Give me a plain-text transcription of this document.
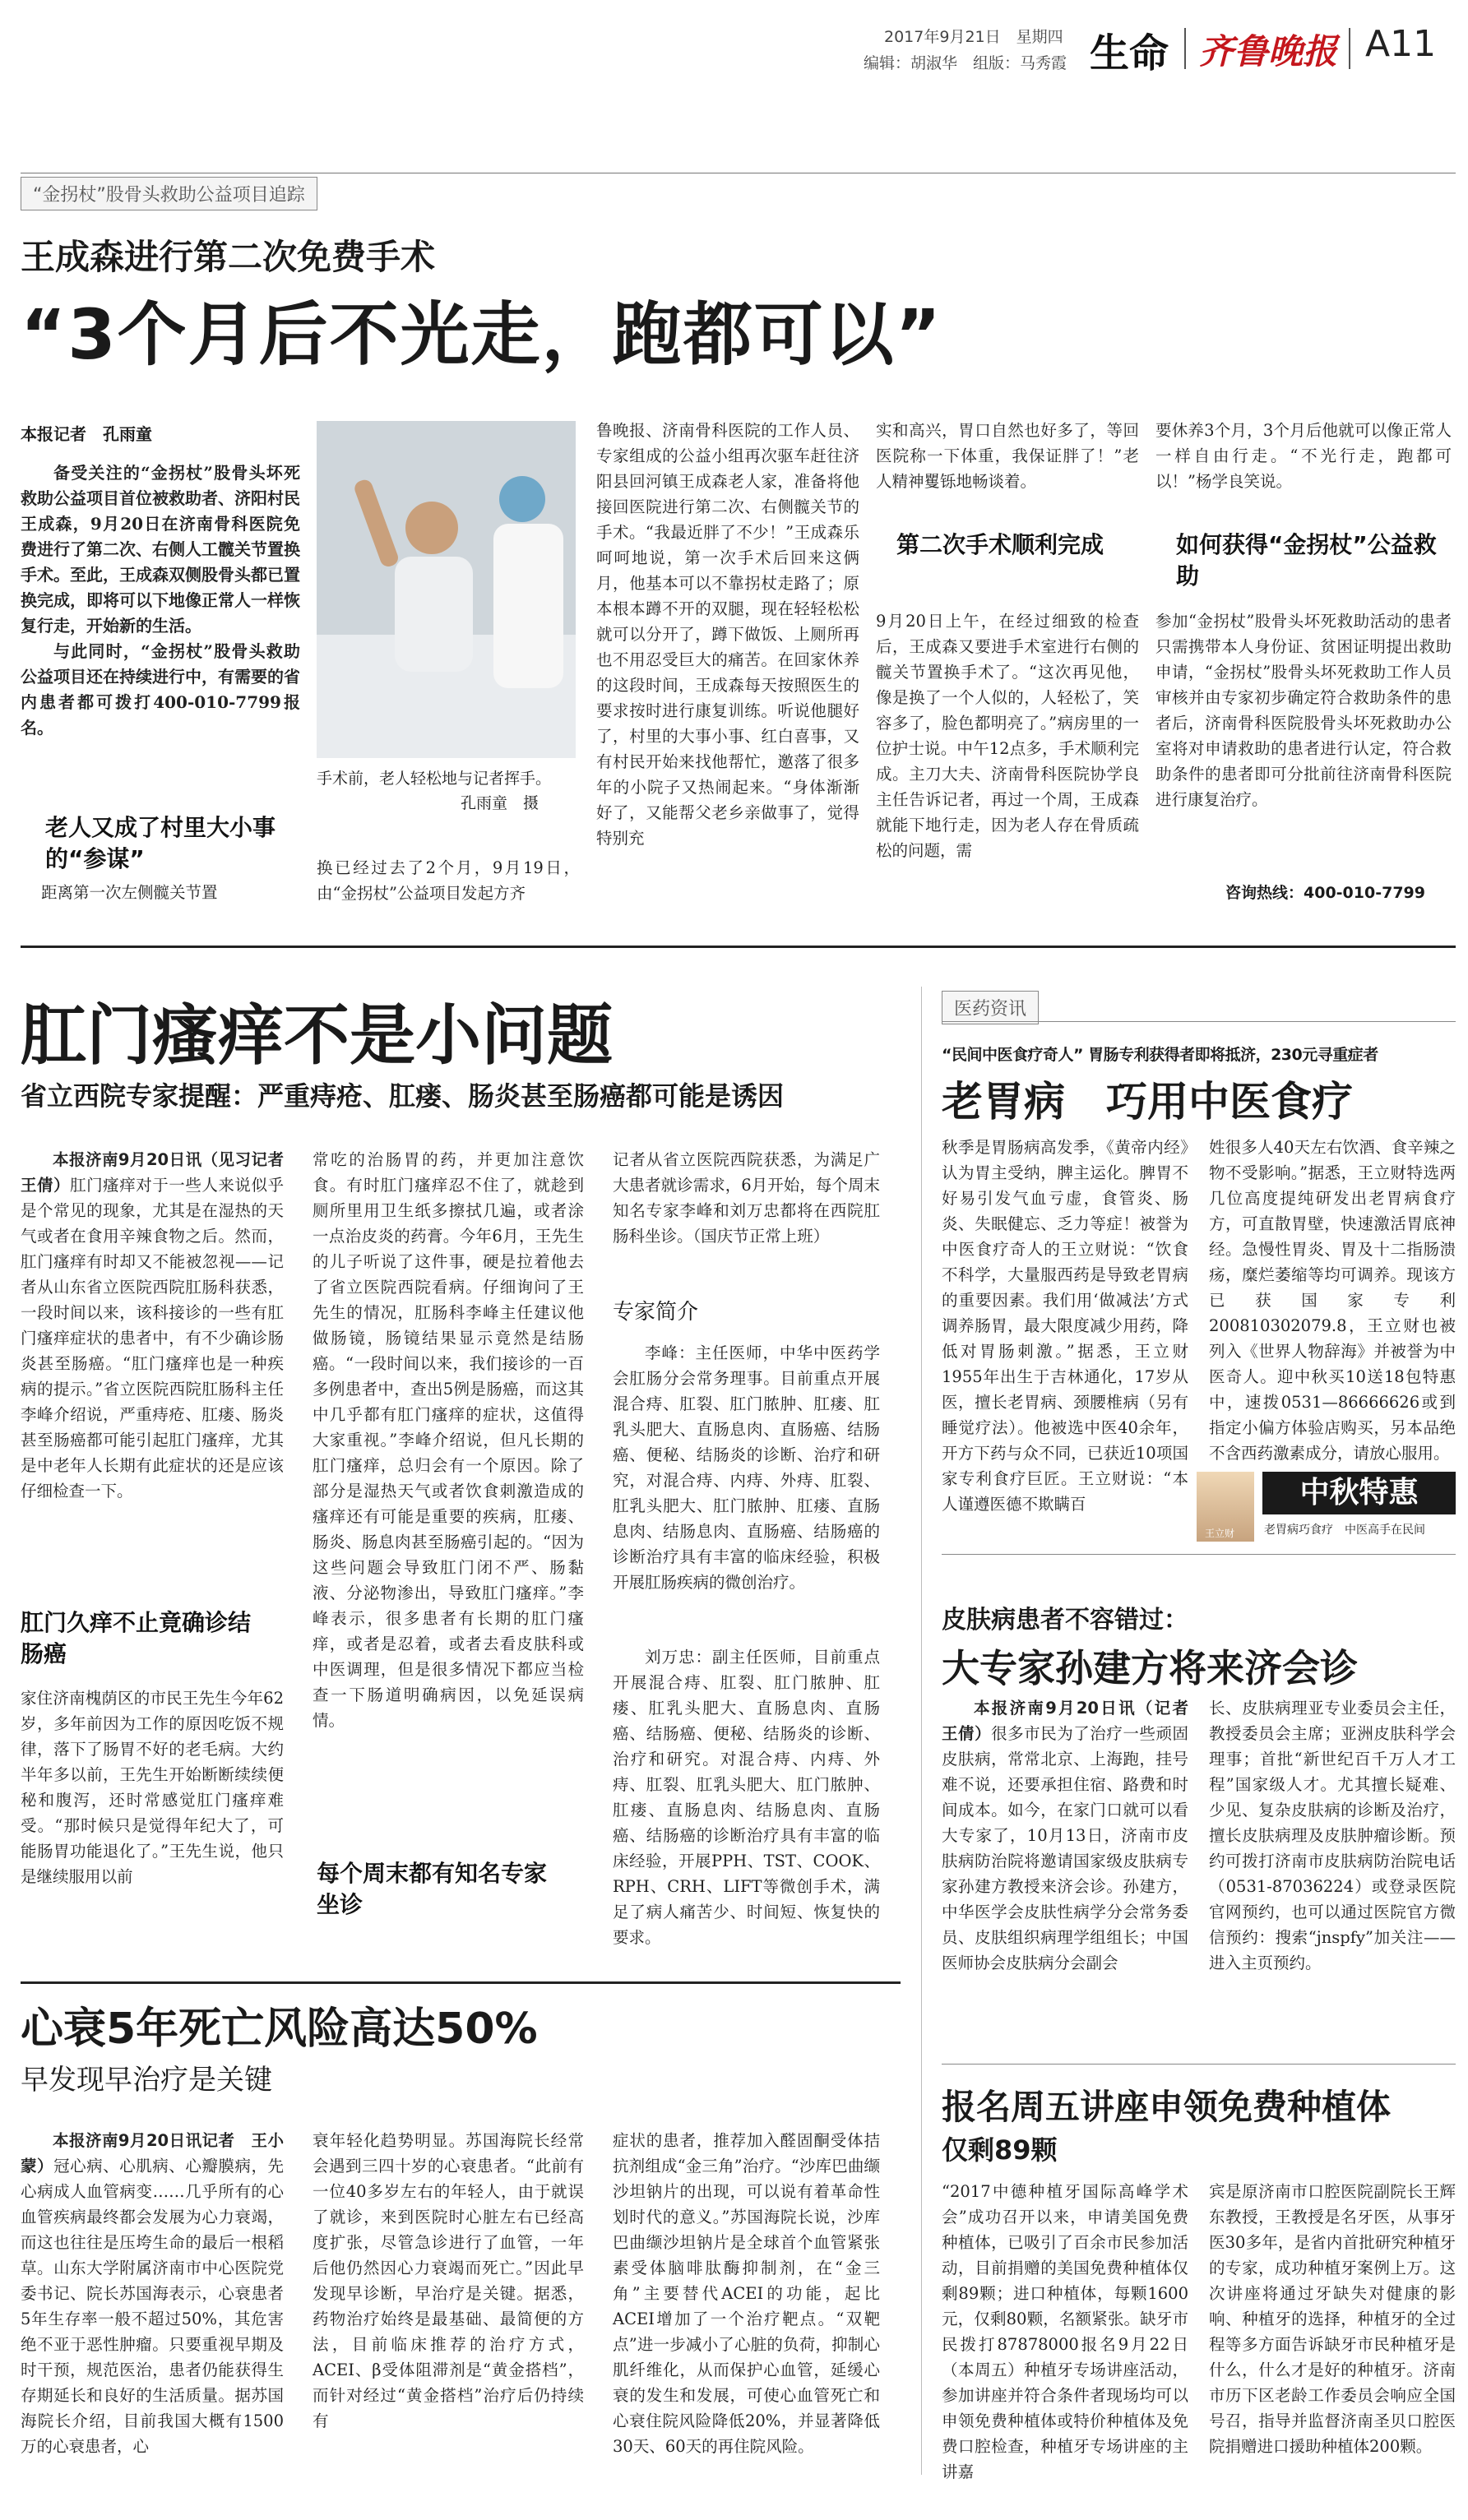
2017年9月21日　星期四
编辑：胡淑华　组版：马秀霞 生命 齐鲁晚报 A11
“金拐杖”股骨头救助公益项目追踪
王成森进行第二次免费手术
“3个月后不光走，跑都可以”
本报记者　孔雨童

备受关注的“金拐杖”股骨头坏死救助公益项目首位被救助者、济阳村民王成森，9月20日在济南骨科医院免费进行了第二次、右侧人工髋关节置换手术。至此，王成森双侧股骨头都已置换完成，即将可以下地像正常人一样恢复行走，开始新的生活。

与此同时，“金拐杖”股骨头救助公益项目还在持续进行中，有需要的省内患者都可拨打400-010-7799报名。

老人又成了村里大小事的“参谋”
距离第一次左侧髋关节置
手术前，老人轻松地与记者挥手。
孔雨童　摄
换已经过去了2个月，9月19日，由“金拐杖”公益项目发起方齐
鲁晚报、济南骨科医院的工作人员、专家组成的公益小组再次驱车赶往济阳县回河镇王成森老人家，准备将他接回医院进行第二次、右侧髋关节的手术。“我最近胖了不少！”王成森乐呵呵地说，第一次手术后回来这俩月，他基本可以不靠拐杖走路了；原本根本蹲不开的双腿，现在轻轻松松就可以分开了，蹲下做饭、上厕所再也不用忍受巨大的痛苦。在回家休养的这段时间，王成森每天按照医生的要求按时进行康复训练。听说他腿好了，村里的大事小事、红白喜事，又有村民开始来找他帮忙，邀落了很多年的小院子又热闹起来。“身体渐渐好了，又能帮父老乡亲做事了，觉得特别充

实和高兴，胃口自然也好多了，等回医院称一下体重，我保证胖了！”老人精神矍铄地畅谈着。

第二次手术顺利完成
9月20日上午，在经过细致的检查后，王成森又要进手术室进行右侧的髋关节置换手术了。“这次再见他，像是换了一个人似的，人轻松了，笑容多了，脸色都明亮了。”病房里的一位护士说。中午12点多，手术顺利完成。主刀大夫、济南骨科医院协学良主任告诉记者，再过一个周，王成森就能下地行走，因为老人存在骨质疏松的问题，需
要休养3个月，3个月后他就可以像正常人一样自由行走。“不光行走，跑都可以！”杨学良笑说。
如何获得“金拐杖”公益救助
参加“金拐杖”股骨头坏死救助活动的患者只需携带本人身份证、贫困证明提出救助申请，“金拐杖”股骨头坏死救助工作人员审核并由专家初步确定符合救助条件的患者后，济南骨科医院股骨头坏死救助办公室将对申请救助的患者进行认定，符合救助条件的患者即可分批前往济南骨科医院进行康复治疗。
咨询热线：400-010-7799
肛门瘙痒不是小问题
省立西院专家提醒：严重痔疮、肛瘘、肠炎甚至肠癌都可能是诱因

本报济南9月20日讯（见习记者　王倩）肛门瘙痒对于一些人来说似乎是个常见的现象，尤其是在湿热的天气或者在食用辛辣食物之后。然而，肛门瘙痒有时却又不能被忽视——记者从山东省立医院西院肛肠科获悉，一段时间以来，该科接诊的一些有肛门瘙痒症状的患者中，有不少确诊肠炎甚至肠癌。“肛门瘙痒也是一种疾病的提示。”省立医院西院肛肠科主任李峰介绍说，严重痔疮、肛瘘、肠炎甚至肠癌都可能引起肛门瘙痒，尤其是中老年人长期有此症状的还是应该仔细检查一下。

肛门久痒不止竟确诊结肠癌
家住济南槐荫区的市民王先生今年62岁，多年前因为工作的原因吃饭不规律，落下了肠胃不好的老毛病。大约半年多以前，王先生开始断断续续便秘和腹泻，还时常感觉肛门瘙痒难受。“那时候只是觉得年纪大了，可能肠胃功能退化了。”王先生说，他只是继续服用以前
常吃的治肠胃的药，并更加注意饮食。有时肛门瘙痒忍不住了，就趁到厕所里用卫生纸多擦拭几遍，或者涂一点治皮炎的药膏。今年6月，王先生的儿子听说了这件事，硬是拉着他去了省立医院西院看病。仔细询问了王先生的情况，肛肠科李峰主任建议他做肠镜，肠镜结果显示竟然是结肠癌。“一段时间以来，我们接诊的一百多例患者中，查出5例是肠癌，而这其中几乎都有肛门瘙痒的症状，这值得大家重视。”李峰介绍说，但凡长期的肛门瘙痒，总归会有一个原因。除了部分是湿热天气或者饮食刺激造成的瘙痒还有可能是重要的疾病，肛瘘、肠炎、肠息肉甚至肠癌引起的。“因为这些问题会导致肛门闭不严、肠黏液、分泌物渗出，导致肛门瘙痒。”李峰表示，很多患者有长期的肛门瘙痒，或者是忍着，或者去看皮肤科或中医调理，但是很多情况下都应当检查一下肠道明确病因，以免延误病情。
每个周末都有知名专家坐诊
记者从省立医院西院获悉，为满足广大患者就诊需求，6月开始，每个周末知名专家李峰和刘万忠都将在西院肛肠科坐诊。（国庆节正常上班）
专家简介

李峰：主任医师，中华中医药学会肛肠分会常务理事。目前重点开展混合痔、肛裂、肛门脓肿、肛瘘、肛乳头肥大、直肠息肉、直肠癌、结肠癌、便秘、结肠炎的诊断、治疗和研究，对混合痔、内痔、外痔、肛裂、肛乳头肥大、肛门脓肿、肛瘘、直肠息肉、结肠息肉、直肠癌、结肠癌的诊断治疗具有丰富的临床经验，积极开展肛肠疾病的微创治疗。

刘万忠：副主任医师，目前重点开展混合痔、肛裂、肛门脓肿、肛瘘、肛乳头肥大、直肠息肉、直肠癌、结肠癌、便秘、结肠炎的诊断、治疗和研究。对混合痔、内痔、外痔、肛裂、肛乳头肥大、肛门脓肿、肛瘘、直肠息肉、结肠息肉、直肠癌、结肠癌的诊断治疗具有丰富的临床经验，开展PPH、TST、COOK、RPH、CRH、LIFT等微创手术，满足了病人痛苦少、时间短、恢复快的要求。

医药资讯
“民间中医食疗奇人” 胃肠专利获得者即将抵济，230元寻重症者
老胃病　巧用中医食疗
秋季是胃肠病高发季，《黄帝内经》认为胃主受纳，脾主运化。脾胃不好易引发气血亏虚，食管炎、肠炎、失眠健忘、乏力等症！被誉为中医食疗奇人的王立财说：“饮食不科学，大量服西药是导致老胃病的重要因素。我们用‘做减法’方式调养肠胃，最大限度减少用药，降低对胃肠刺激。”据悉，王立财1955年出生于吉林通化，17岁从医，擅长老胃病、颈腰椎病（另有睡觉疗法）。他被选中医40余年，开方下药与众不同，已获近10项国家专利食疗巨匠。王立财说：“本人谨遵医德不欺瞒百
姓很多人40天左右饮酒、食辛辣之物不受影响。”据悉，王立财特选两几位高度提纯研发出老胃病食疗方，可直散胃壁，快速激活胃底神经。急慢性胃炎、胃及十二指肠溃疡，糜烂萎缩等均可调养。现该方已获国家专利200810302079.8，王立财也被列入《世界人物辞海》并被誉为中医奇人。迎中秋买10送18包特惠中，速拨0531—86666626或到指定小偏方体验店购买，另本品绝不含西药激素成分，请放心服用。
王立财
中秋特惠
老胃病巧食疗　中医高手在民间
皮肤病患者不容错过：
大专家孙建方将来济会诊

本报济南9月20日讯（记者　王倩）很多市民为了治疗一些顽固皮肤病，常常北京、上海跑，挂号难不说，还要承担住宿、路费和时间成本。如今，在家门口就可以看大专家了，10月13日，济南市皮肤病防治院将邀请国家级皮肤病专家孙建方教授来济会诊。孙建方，中华医学会皮肤性病学分会常务委员、皮肤组织病理学组组长；中国医师协会皮肤病分会副会

长、皮肤病理亚专业委员会主任，教授委员会主席；亚洲皮肤科学会理事；首批“新世纪百千万人才工程”国家级人才。尤其擅长疑难、少见、复杂皮肤病的诊断及治疗，擅长皮肤病理及皮肤肿瘤诊断。预约可拨打济南市皮肤病防治院电话（0531-87036224）或登录医院官网预约，也可以通过医院官方微信预约：搜索“jnspfy”加关注——进入主页预约。
心衰5年死亡风险高达50%
早发现早治疗是关键

本报济南9月20日讯记者　王小蒙）冠心病、心肌病、心瓣膜病，先心病成人血管病变……几乎所有的心血管疾病最终都会发展为心力衰竭，而这也往往是压垮生命的最后一根稻草。山东大学附属济南市中心医院党委书记、院长苏国海表示，心衰患者5年生存率一般不超过50%，其危害绝不亚于恶性肿瘤。只要重视早期及时干预，规范医治，患者仍能获得生存期延长和良好的生活质量。据苏国海院长介绍，目前我国大概有1500万的心衰患者，心

衰年轻化趋势明显。苏国海院长经常会遇到三四十岁的心衰患者。“此前有一位40多岁左右的年轻人，由于就误了就诊，来到医院时心脏左右已经高度扩张，尽管急诊进行了血管，一年后他仍然因心力衰竭而死亡。”因此早发现早诊断，早治疗是关键。据悉，药物治疗始终是最基础、最简便的方法，目前临床推荐的治疗方式，ACEI、β受体阻滞剂是“黄金搭档”，而针对经过“黄金搭档”治疗后仍持续有
症状的患者，推荐加入醛固酮受体拮抗剂组成“金三角”治疗。“沙库巴曲缬沙坦钠片的出现，可以说有着革命性划时代的意义。”苏国海院长说，沙库巴曲缬沙坦钠片是全球首个血管紧张素受体脑啡肽酶抑制剂，在“金三角”主要替代ACEI的功能，起比ACEI增加了一个治疗靶点。“双靶点”进一步减小了心脏的负荷，抑制心肌纤维化，从而保护心血管，延缓心衰的发生和发展，可使心血管死亡和心衰住院风险降低20%，并显著降低30天、60天的再住院风险。
报名周五讲座申领免费种植体
仅剩89颗
“2017中德种植牙国际高峰学术会”成功召开以来，申请美国免费种植体，已吸引了百余市民参加活动，目前捐赠的美国免费种植体仅剩89颗；进口种植体，每颗1600元，仅剩80颗，名额紧张。缺牙市民拨打87878000报名9月22日（本周五）种植牙专场讲座活动，参加讲座并符合条件者现场均可以申领免费种植体或特价种植体及免费口腔检查，种植牙专场讲座的主讲嘉
宾是原济南市口腔医院副院长王辉东教授，王教授是名牙医，从事牙医30多年，是省内首批研究种植牙的专家，成功种植牙案例上万。这次讲座将通过牙缺失对健康的影响、种植牙的选择，种植牙的全过程等多方面告诉缺牙市民种植牙是什么，什么才是好的种植牙。济南市历下区老龄工作委员会响应全国号召，指导并监督济南圣贝口腔医院捐赠进口援助种植体200颗。
